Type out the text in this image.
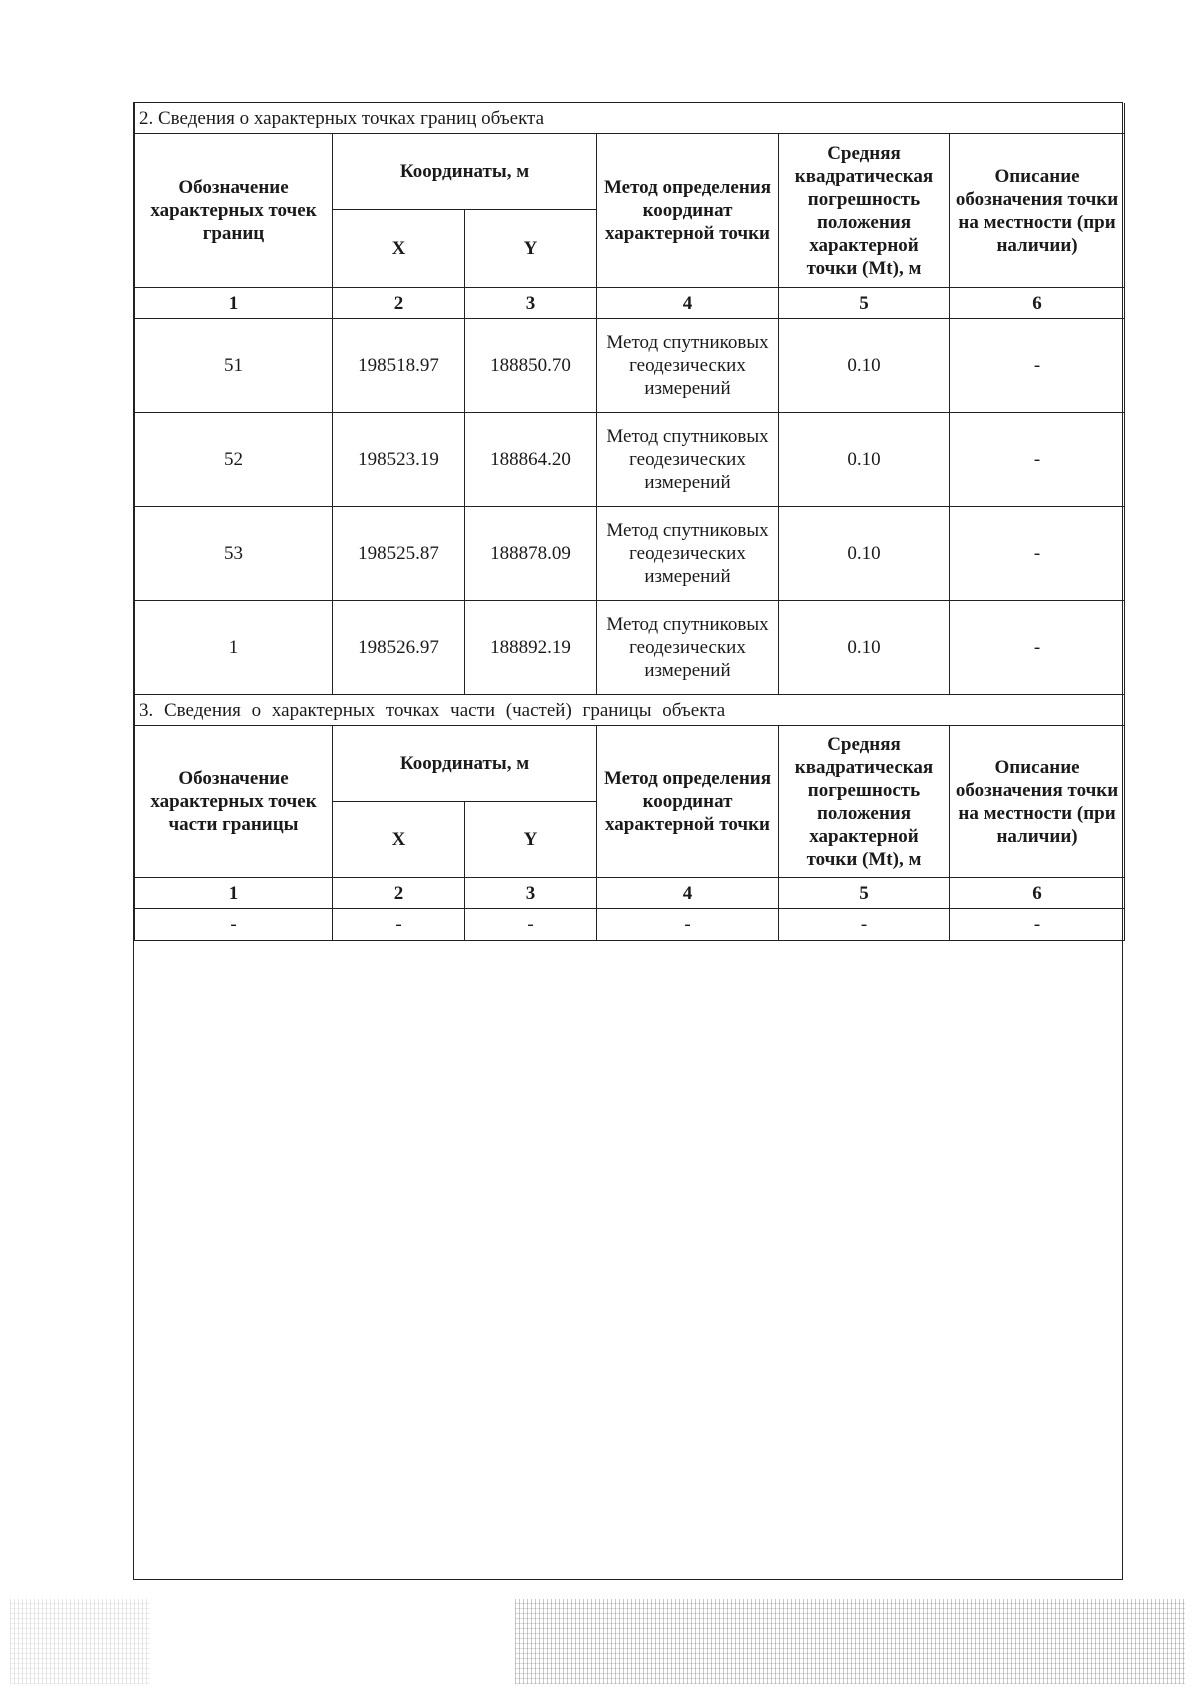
2. Сведения о характерных точках границ объекта					
Обозначение характерных точек границ	Координаты, м		Метод определения координат характерной точки	Средняя квадратическая погрешность положения характерной точки (Mt), м	Описание обозначения точки на местности (при наличии)
	X	Y			
1	2	3	4	5	6
51	198518.97	188850.70	Метод спутниковых геодезических измерений	0.10	-
52	198523.19	188864.20	Метод спутниковых геодезических измерений	0.10	-
53	198525.87	188878.09	Метод спутниковых геодезических измерений	0.10	-
1	198526.97	188892.19	Метод спутниковых геодезических измерений	0.10	-
3. Сведения о характерных точках части (частей) границы объекта					
Обозначение характерных точек части границы	Координаты, м		Метод определения координат характерной точки	Средняя квадратическая погрешность положения характерной точки (Mt), м	Описание обозначения точки на местности (при наличии)
	X	Y			
1	2	3	4	5	6
-	-	-	-	-	-
